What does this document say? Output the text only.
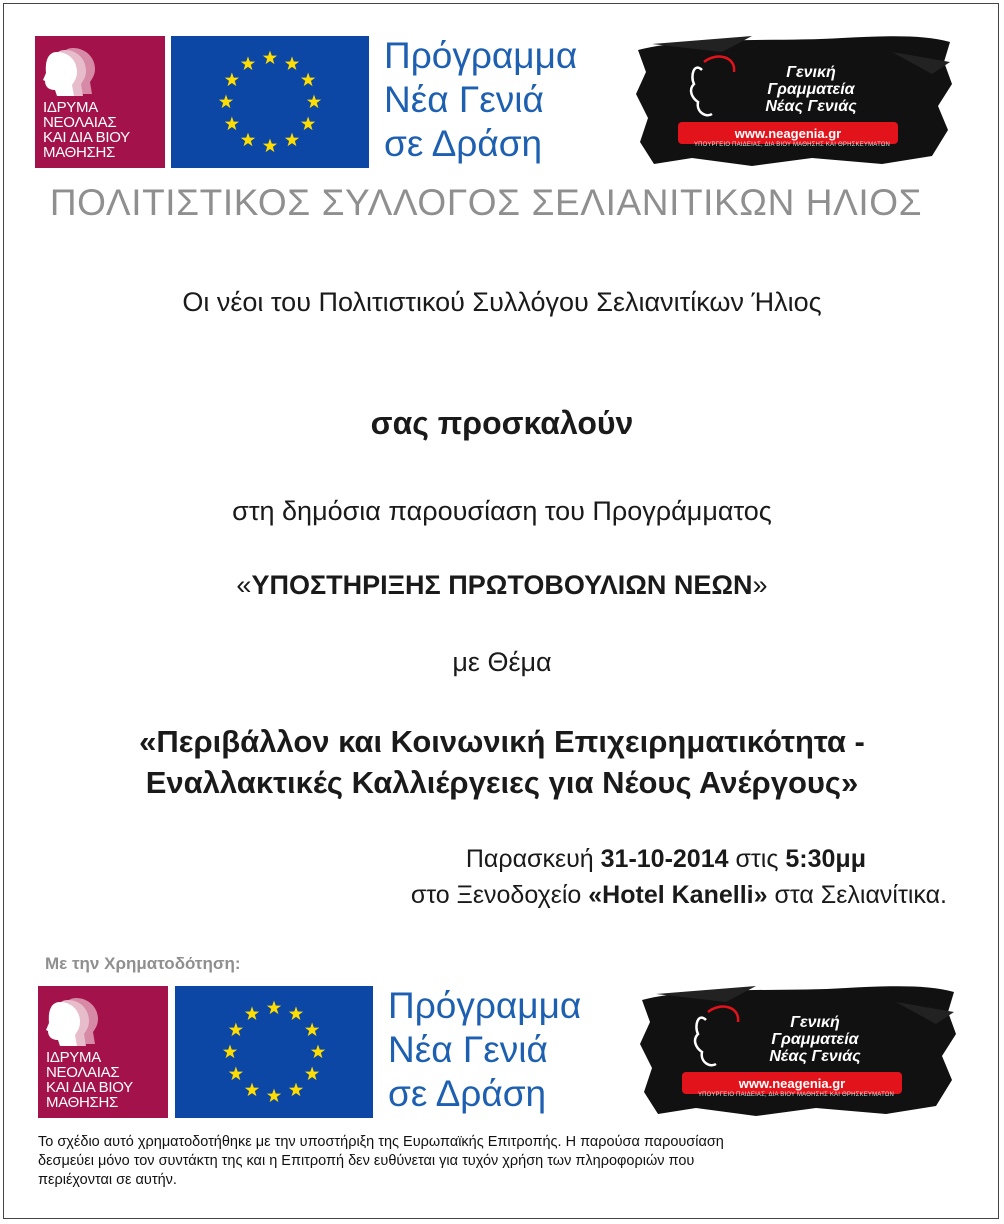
ΙΔΡΥΜΑ
ΝΕΟΛΑΙΑΣ
ΚΑΙ ΔΙΑ ΒΙΟΥ
ΜΑΘΗΣΗΣ
Πρόγραμμα
Νέα Γενιά
σε Δράση
Γενική
Γραμματεία
Νέας Γενιάς
www.neagenia.gr
ΥΠΟΥΡΓΕΙΟ ΠΑΙΔΕΙΑΣ, ΔΙΑ ΒΙΟΥ ΜΑΘΗΣΗΣ ΚΑΙ ΘΡΗΣΚΕΥΜΑΤΩΝ
ΠΟΛΙΤΙΣΤΙΚΟΣ ΣΥΛΛΟΓΟΣ ΣΕΛΙΑΝΙΤΙΚΩΝ ΗΛΙΟΣ
Οι νέοι του Πολιτιστικού Συλλόγου Σελιανιτίκων Ήλιος
σας προσκαλούν
στη δημόσια παρουσίαση του Προγράμματος
«ΥΠΟΣΤΗΡΙΞΗΣ ΠΡΩΤΟΒΟΥΛΙΩΝ ΝΕΩΝ»
με Θέμα
«Περιβάλλον και Κοινωνική Επιχειρηματικότητα -
Εναλλακτικές Καλλιέργειες για Νέους Ανέργους»
Παρασκευή 31-10-2014 στις 5:30μμ
στο Ξενοδοχείο «Hotel Kanelli» στα Σελιανίτικα.
Με την Χρηματοδότηση:
ΙΔΡΥΜΑ
ΝΕΟΛΑΙΑΣ
ΚΑΙ ΔΙΑ ΒΙΟΥ
ΜΑΘΗΣΗΣ
Πρόγραμμα
Νέα Γενιά
σε Δράση
Γενική
Γραμματεία
Νέας Γενιάς
www.neagenia.gr
ΥΠΟΥΡΓΕΙΟ ΠΑΙΔΕΙΑΣ, ΔΙΑ ΒΙΟΥ ΜΑΘΗΣΗΣ ΚΑΙ ΘΡΗΣΚΕΥΜΑΤΩΝ
Το σχέδιο αυτό χρηματοδοτήθηκε με την υποστήριξη της Ευρωπαϊκής Επιτροπής. Η παρούσα παρουσίαση
δεσμεύει μόνο τον συντάκτη της και η Επιτροπή δεν ευθύνεται για τυχόν χρήση των πληροφοριών που
περιέχονται σε αυτήν.
